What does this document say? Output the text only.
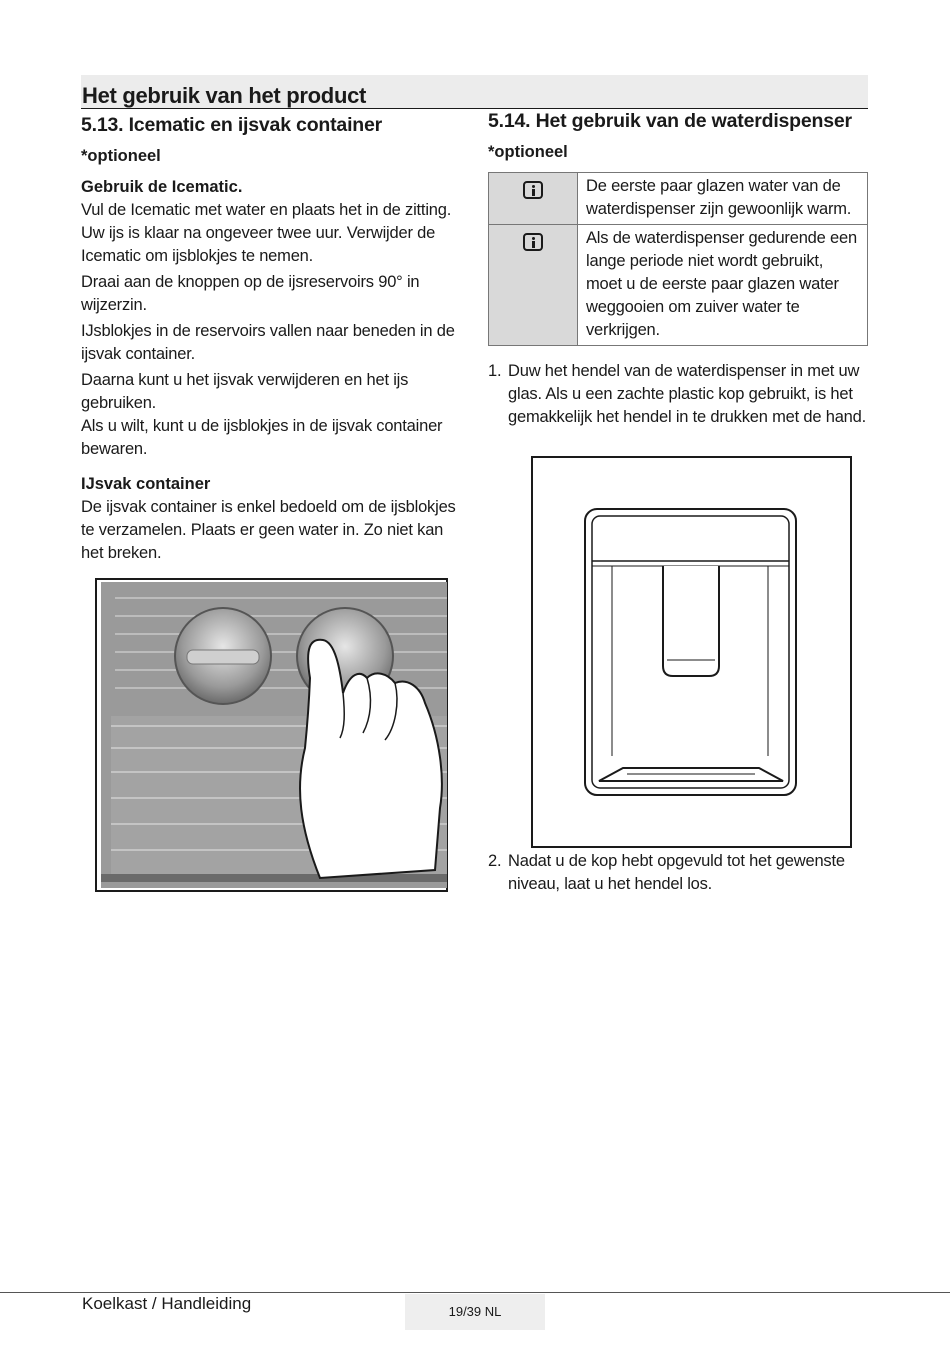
Het gebruik van het product
5.13. Icematic en ijsvak container
*optioneel
Gebruik de Icematic.

Vul de Icematic met water en plaats het in de zitting. Uw ijs is klaar na ongeveer twee uur. Verwijder de Icematic om ijsblokjes te nemen.

Draai aan de knoppen op de ijsreservoirs 90° in wijzerzin.

IJsblokjes in de reservoirs vallen naar beneden in de ijsvak container.

Daarna kunt u het ijsvak verwijderen en het ijs gebruiken.

Als u wilt, kunt u de ijsblokjes in de ijsvak container bewaren.

IJsvak container

De ijsvak container is enkel bedoeld om de ijsblokjes te verzamelen. Plaats er geen water in. Zo niet kan het breken.

5.14. Het gebruik van de waterdispenser
*optioneel
	De eerste paar glazen water van de waterdispenser zijn gewoonlijk warm.

	Als de waterdispenser gedurende een lange periode niet wordt gebruikt, moet u de eerste paar glazen water weggooien om zuiver water te verkrijgen.
1. Duw het hendel van de waterdispenser in met uw glas. Als u een zachte plastic kop gebruikt, is het gemakkelijk het hendel in te drukken met de hand.
2. Nadat u de kop hebt opgevuld tot het gewenste niveau, laat u het hendel los.
Koelkast / Handleiding	19/39 NL
